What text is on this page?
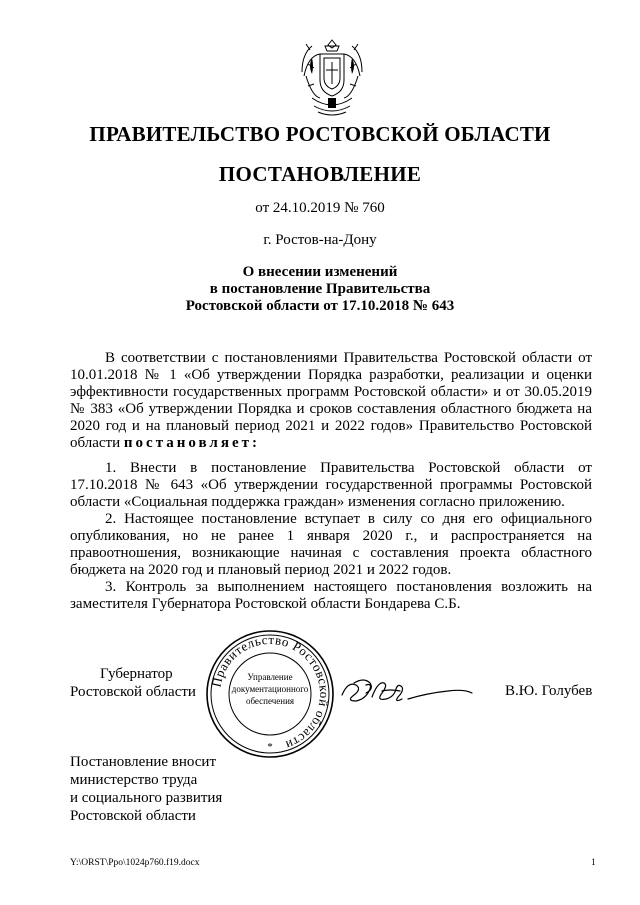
ПРАВИТЕЛЬСТВО РОСТОВСКОЙ ОБЛАСТИ
ПОСТАНОВЛЕНИЕ
от 24.10.2019 № 760
г. Ростов-на-Дону
О внесении изменений
в постановление Правительства
Ростовской области от 17.10.2018 № 643

В соответствии с постановлениями Правительства Ростовской области от 10.01.2018 № 1 «Об утверждении Порядка разработки, реализации и оценки эффективности государственных программ Ростовской области» и от 30.05.2019 № 383 «Об утверждении Порядка и сроков составления областного бюджета на 2020 год и на плановый период 2021 и 2022 годов» Правительство Ростовской области постановляет:

1. Внести в постановление Правительства Ростовской области от 17.10.2018 № 643 «Об утверждении государственной программы Ростовской области «Социальная поддержка граждан» изменения согласно приложению.

2. Настоящее постановление вступает в силу со дня его официального опубликования, но не ранее 1 января 2020 г., и распространяется на правоотношения, возникающие начиная с составления проекта областного бюджета на 2020 год и плановый период 2021 и 2022 годов.

3. Контроль за выполнением настоящего постановления возложить на заместителя Губернатора Ростовской области Бондарева С.Б.

Губернатор
Ростовской области
Правительство Ростовской области
Управление
документационного
обеспечения
*
В.Ю. Голубев
Постановление вносит
министерство труда
и социального развития
Ростовской области
Y:\ORST\Ppo\1024p760.f19.docx	1
